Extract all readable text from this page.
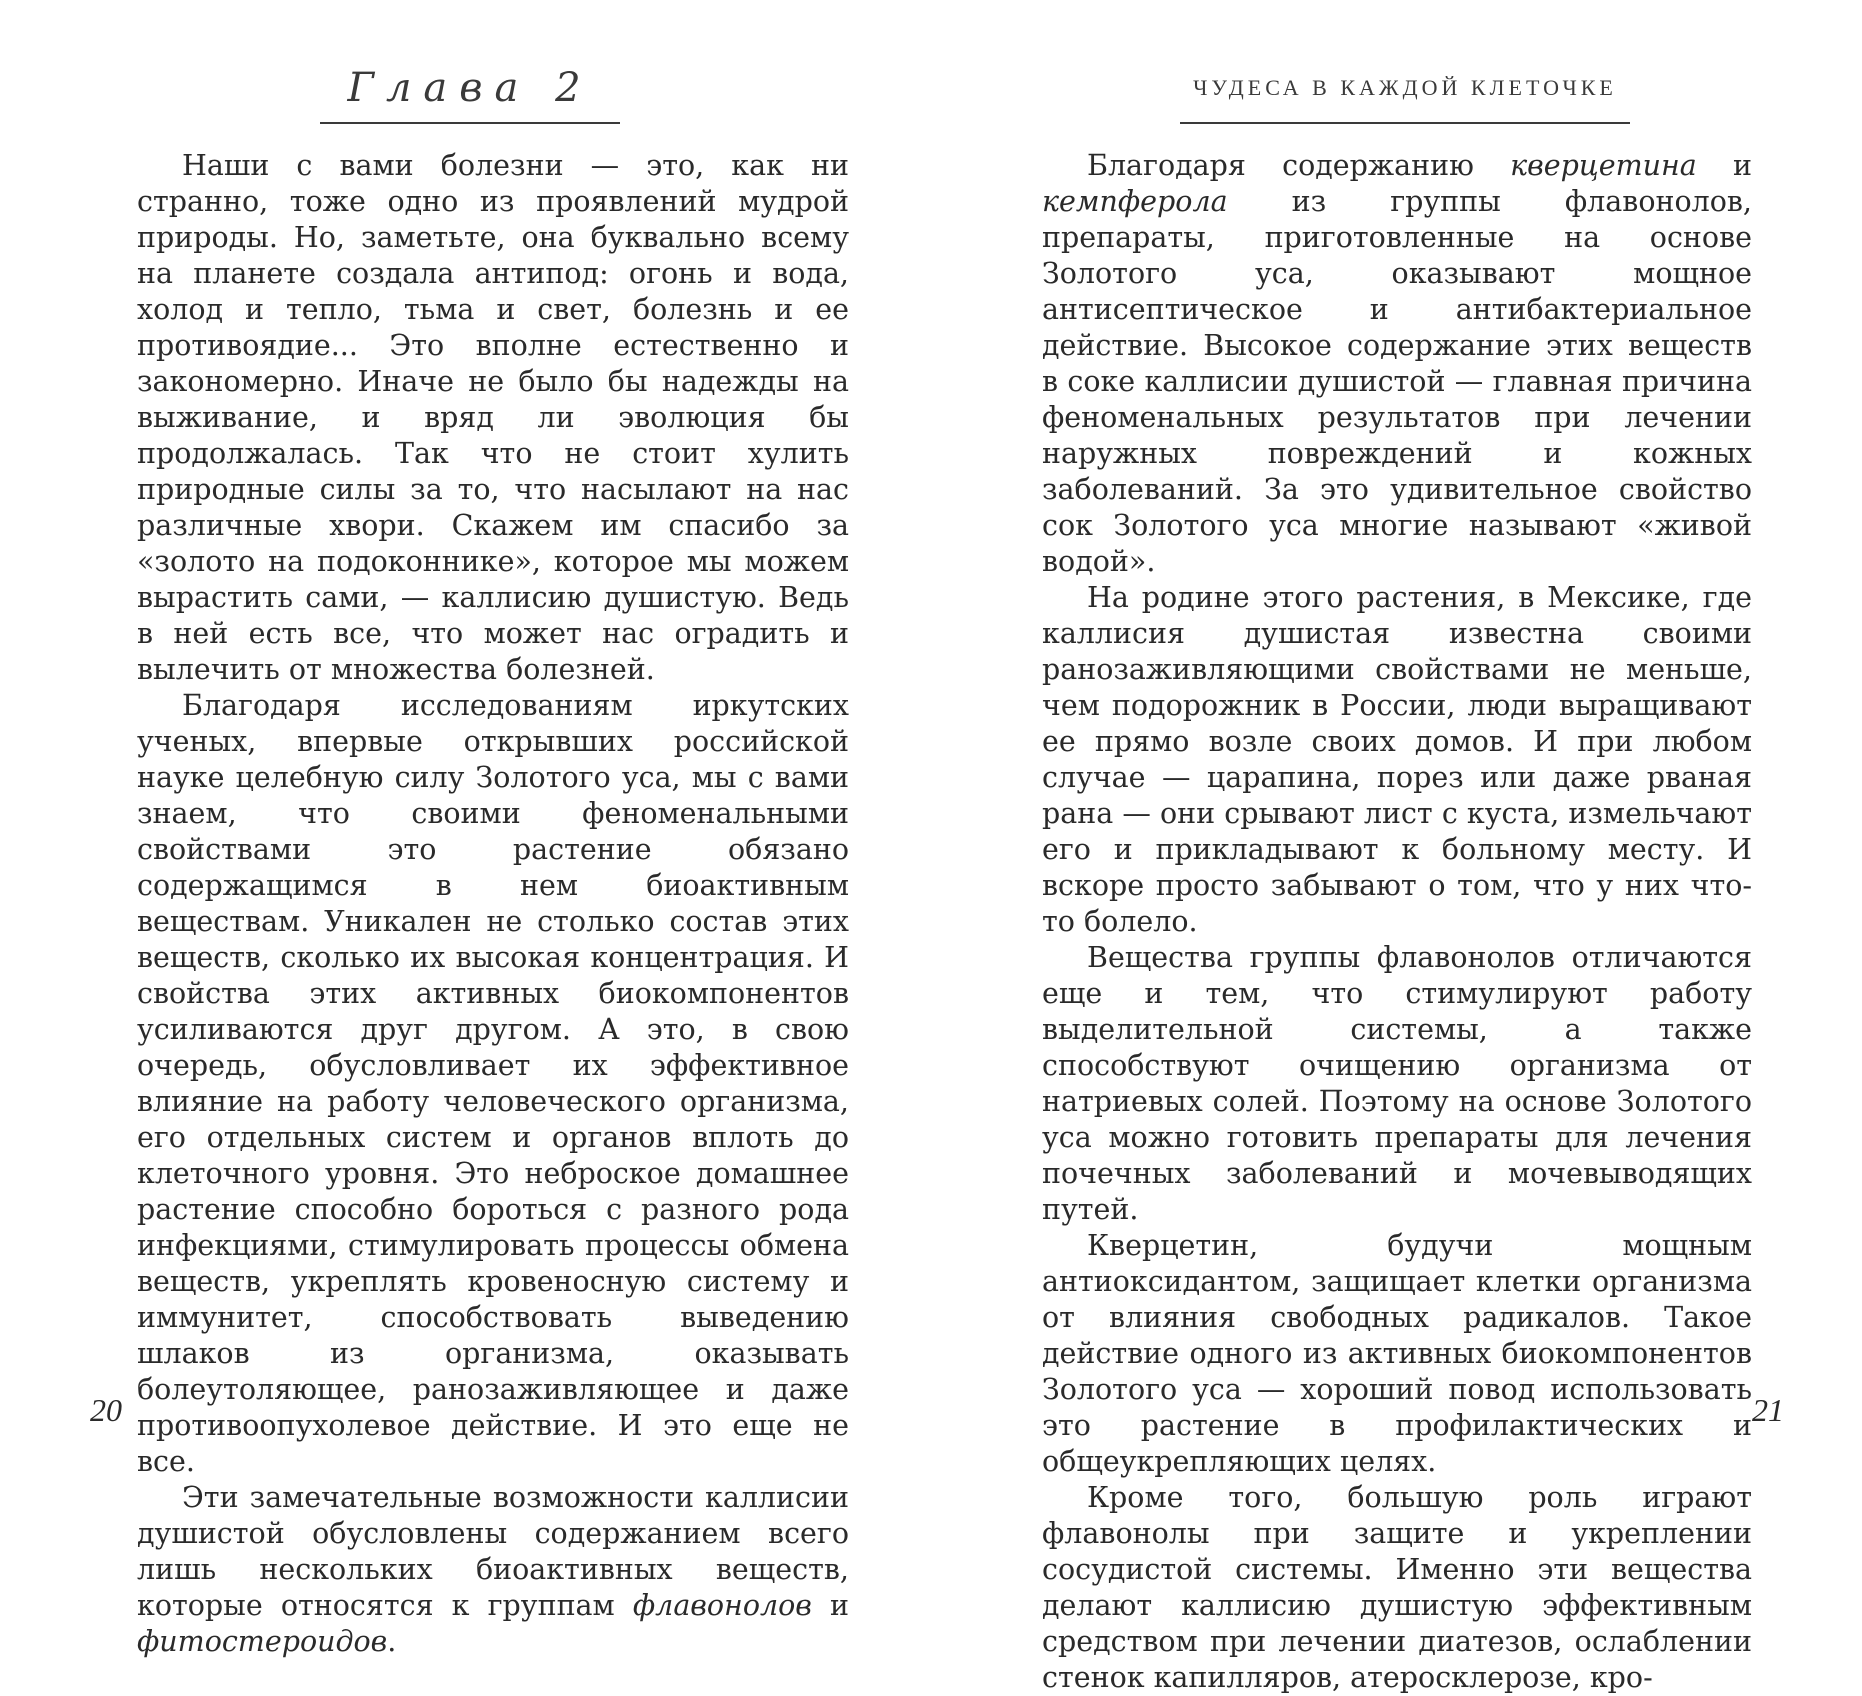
Глава 2

Наши с вами болезни — это, как ни странно, тоже одно из проявлений мудрой природы. Но, заметьте, она буквально всему на планете создала антипод: огонь и вода, холод и тепло, тьма и свет, болезнь и ее противоядие... Это вполне естественно и закономерно. Иначе не было бы надежды на выживание, и вряд ли эволюция бы продолжалась. Так что не стоит хулить природные силы за то, что насылают на нас различные хвори. Скажем им спасибо за «золото на подоконнике», которое мы можем вырастить сами, — каллисию душистую. Ведь в ней есть все, что может нас оградить и вылечить от множества болезней.

Благодаря исследованиям иркутских ученых, впервые открывших российской науке целебную силу Золотого уса, мы с вами знаем, что своими феноменальными свойствами это растение обязано содержащимся в нем биоактивным веществам. Уникален не столько состав этих веществ, сколько их высокая концентрация. И свойства этих активных биокомпонентов усиливаются друг другом. А это, в свою очередь, обусловливает их эффективное влияние на работу человеческого организма, его отдельных систем и органов вплоть до клеточного уровня. Это неброское домашнее растение способно бороться с разного рода инфекциями, стимулировать процессы обмена веществ, укреплять кровеносную систему и иммунитет, способствовать выведению шлаков из организма, оказывать болеутоляющее, ранозаживляющее и даже противоопухолевое действие. И это еще не все.

Эти замечательные возможности каллисии душистой обусловлены содержанием всего лишь нескольких биоактивных веществ, которые относятся к группам флавонолов и фитостероидов.

20
ЧУДЕСА В КАЖДОЙ КЛЕТОЧКЕ

Благодаря содержанию кверцетина и кемпферола из группы флавонолов, препараты, приготовленные на основе Золотого уса, оказывают мощное антисептическое и антибактериальное действие. Высокое содержание этих веществ в соке каллисии душистой — главная причина феноменальных результатов при лечении наружных повреждений и кожных заболеваний. За это удивительное свойство сок Золотого уса многие называют «живой водой».

На родине этого растения, в Мексике, где каллисия душистая известна своими ранозаживляющими свойствами не меньше, чем подорожник в России, люди выращивают ее прямо возле своих домов. И при любом случае — царапина, порез или даже рваная рана — они срывают лист с куста, измельчают его и прикладывают к больному месту. И вскоре просто забывают о том, что у них что-то болело.

Вещества группы флавонолов отличаются еще и тем, что стимулируют работу выделительной системы, а также способствуют очищению организма от натриевых солей. Поэтому на основе Золотого уса можно готовить препараты для лечения почечных заболеваний и мочевыводящих путей.

Кверцетин, будучи мощным антиоксидантом, защищает клетки организма от влияния свободных радикалов. Такое действие одного из активных биокомпонентов Золотого уса — хороший повод использовать это растение в профилактических и общеукрепляющих целях.

Кроме того, большую роль играют флавонолы при защите и укреплении сосудистой системы. Именно эти вещества делают каллисию душистую эффективным средством при лечении диатезов, ослаблении стенок капилляров, атеросклерозе, кро-

21
